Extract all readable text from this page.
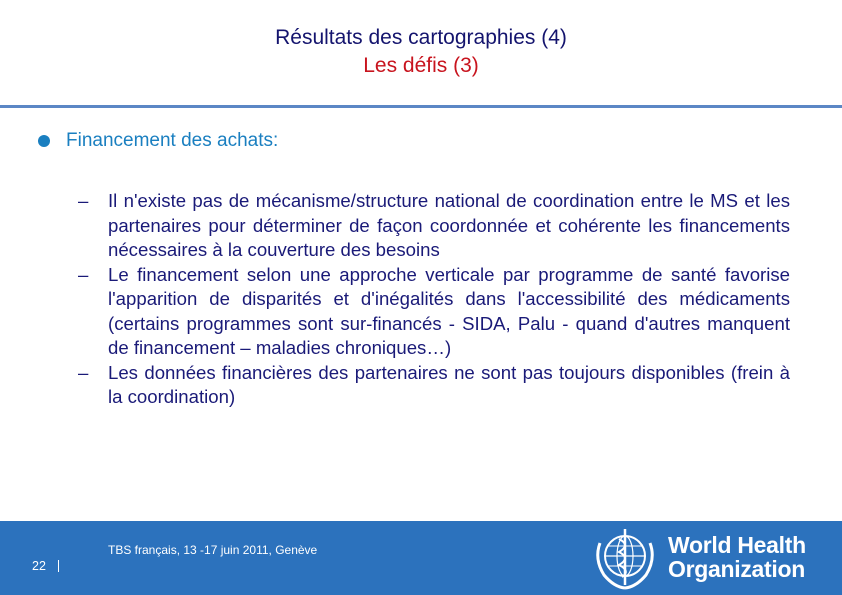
Résultats des cartographies (4)
Les défis (3)
Financement des achats:
–	Il n'existe pas de mécanisme/structure national de coordination entre le MS et les partenaires pour déterminer de façon coordonnée et cohérente les financements nécessaires à la couverture des besoins
–	Le financement selon une approche verticale par programme de santé favorise l'apparition de disparités et d'inégalités dans l'accessibilité des médicaments (certains programmes sont sur-financés - SIDA, Palu - quand d'autres manquent de financement – maladies chroniques…)
–	Les données financières des partenaires ne sont pas toujours disponibles (frein à la coordination)
22
TBS français, 13 -17 juin 2011, Genève	World Health
Organization
